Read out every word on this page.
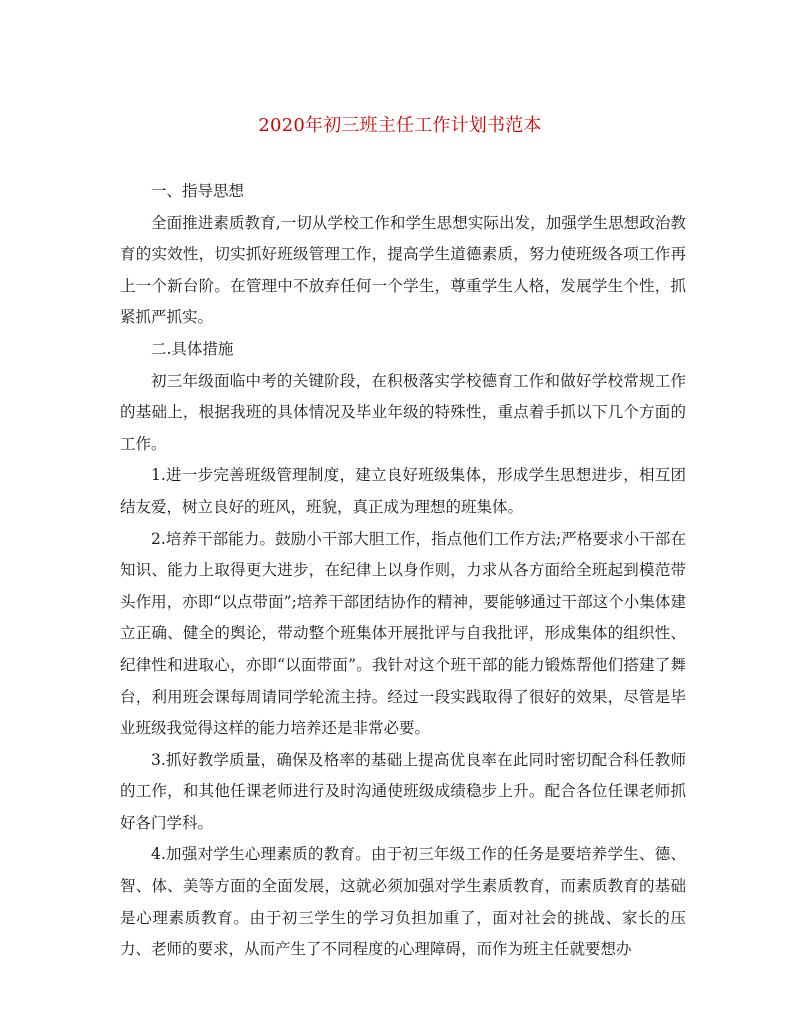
2020年初三班主任工作计划书范本

一、指导思想

全面推进素质教育,一切从学校工作和学生思想实际出发，加强学生思想政治教育的实效性，切实抓好班级管理工作，提高学生道德素质，努力使班级各项工作再上一个新台阶。在管理中不放弃任何一个学生，尊重学生人格，发展学生个性，抓紧抓严抓实。

二.具体措施

初三年级面临中考的关键阶段，在积极落实学校德育工作和做好学校常规工作的基础上，根据我班的具体情况及毕业年级的特殊性，重点着手抓以下几个方面的工作。

1.进一步完善班级管理制度，建立良好班级集体，形成学生思想进步，相互团结友爱，树立良好的班风，班貌，真正成为理想的班集体。

2.培养干部能力。鼓励小干部大胆工作，指点他们工作方法;严格要求小干部在知识、能力上取得更大进步，在纪律上以身作则，力求从各方面给全班起到模范带头作用，亦即“以点带面”;培养干部团结协作的精神，要能够通过干部这个小集体建立正确、健全的舆论，带动整个班集体开展批评与自我批评，形成集体的组织性、纪律性和进取心，亦即“以面带面”。我针对这个班干部的能力锻炼帮他们搭建了舞台，利用班会课每周请同学轮流主持。经过一段实践取得了很好的效果，尽管是毕业班级我觉得这样的能力培养还是非常必要。

3.抓好教学质量，确保及格率的基础上提高优良率在此同时密切配合科任教师的工作，和其他任课老师进行及时沟通使班级成绩稳步上升。配合各位任课老师抓好各门学科。

4.加强对学生心理素质的教育。由于初三年级工作的任务是要培养学生、德、智、体、美等方面的全面发展，这就必须加强对学生素质教育，而素质教育的基础是心理素质教育。由于初三学生的学习负担加重了，面对社会的挑战、家长的压力、老师的要求，从而产生了不同程度的心理障碍，而作为班主任就要想办
